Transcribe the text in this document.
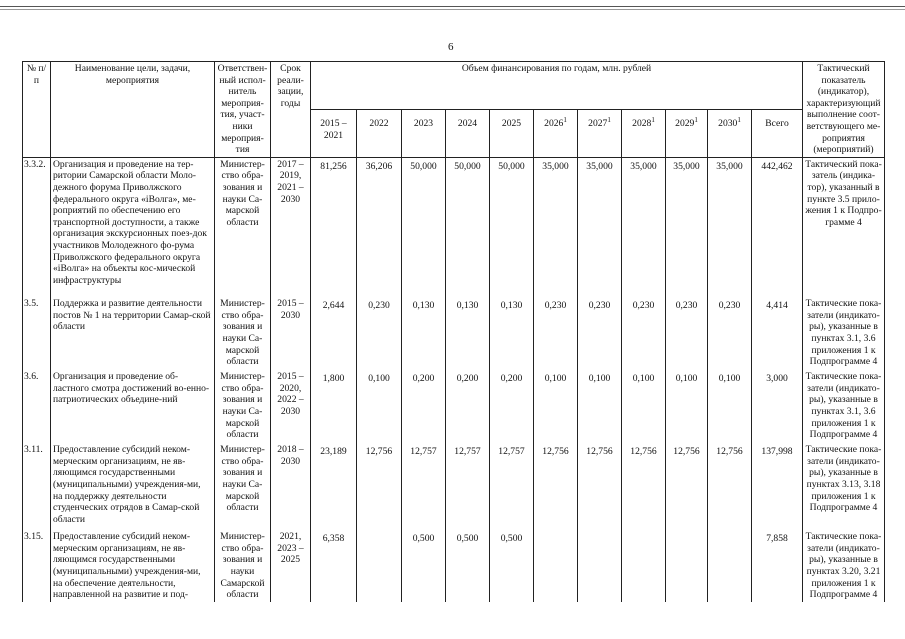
6
№ п/п	Наименование цели, задачи, мероприятия	Ответствен-ный испол-нитель мероприя-тия, участ-ники мероприя-тия	Срок реали-зации, годы	Объем финансирования по годам, млн. рублей											Тактический показатель (индикатор), характеризующий выполнение соот-ветствующего ме-роприятия (мероприятий)
				2015 – 2021	2022	2023	2024	2025	2026$^1$	2027$^1$	2028$^1$	2029$^1$	2030$^1$	Всего	
3.3.2.	Организация и проведение на тер-ритории Самарской области Моло-дежного форума Приволжского федерального округа «iВолга», ме-роприятий по обеспечению его транспортной доступности, а также организация экскурсионных поез-док участников Молодежного фо-рума Приволжского федерального округа «iВолга» на объекты кос-мической инфраструктуры	Министер-ство обра-зования и науки Са-марской области	2017 – 2019, 2021 – 2030	81,256	36,206	50,000	50,000	50,000	35,000	35,000	35,000	35,000	35,000	442,462	Тактический пока-затель (индика-тор), указанный в пункте 3.5 прило-жения 1 к Подпро-грамме 4
3.5.	Поддержка и развитие деятельности постов № 1 на территории Самар-ской области	Министер-ство обра-зования и науки Са-марской области	2015 – 2030	2,644	0,230	0,130	0,130	0,130	0,230	0,230	0,230	0,230	0,230	4,414	Тактические пока-затели (индикато-ры), указанные в пунктах 3.1, 3.6 приложения 1 к Подпрограмме 4
3.6.	Организация и проведение об-ластного смотра достижений во-енно-патриотических объедине-ний	Министер-ство обра-зования и науки Са-марской области	2015 – 2020, 2022 – 2030	1,800	0,100	0,200	0,200	0,200	0,100	0,100	0,100	0,100	0,100	3,000	Тактические пока-затели (индикато-ры), указанные в пунктах 3.1, 3.6 приложения 1 к Подпрограмме 4
3.11.	Предоставление субсидий неком-мерческим организациям, не яв-ляющимся государственными (муниципальными) учреждения-ми, на поддержку деятельности студенческих отрядов в Самар-ской области	Министер-ство обра-зования и науки Са-марской области	2018 – 2030	23,189	12,756	12,757	12,757	12,757	12,756	12,756	12,756	12,756	12,756	137,998	Тактические пока-затели (индикато-ры), указанные в пунктах 3.13, 3.18 приложения 1 к Подпрограмме 4
3.15.	Предоставление субсидий неком-мерческим организациям, не яв-ляющимся государственными (муниципальными) учреждения-ми, на обеспечение деятельности, направленной на развитие и под-	Министер-ство обра-зования и науки Самарской области	2021, 2023 – 2025	6,358		0,500	0,500	0,500						7,858	Тактические пока-затели (индикато-ры), указанные в пунктах 3.20, 3.21 приложения 1 к Подпрограмме 4
